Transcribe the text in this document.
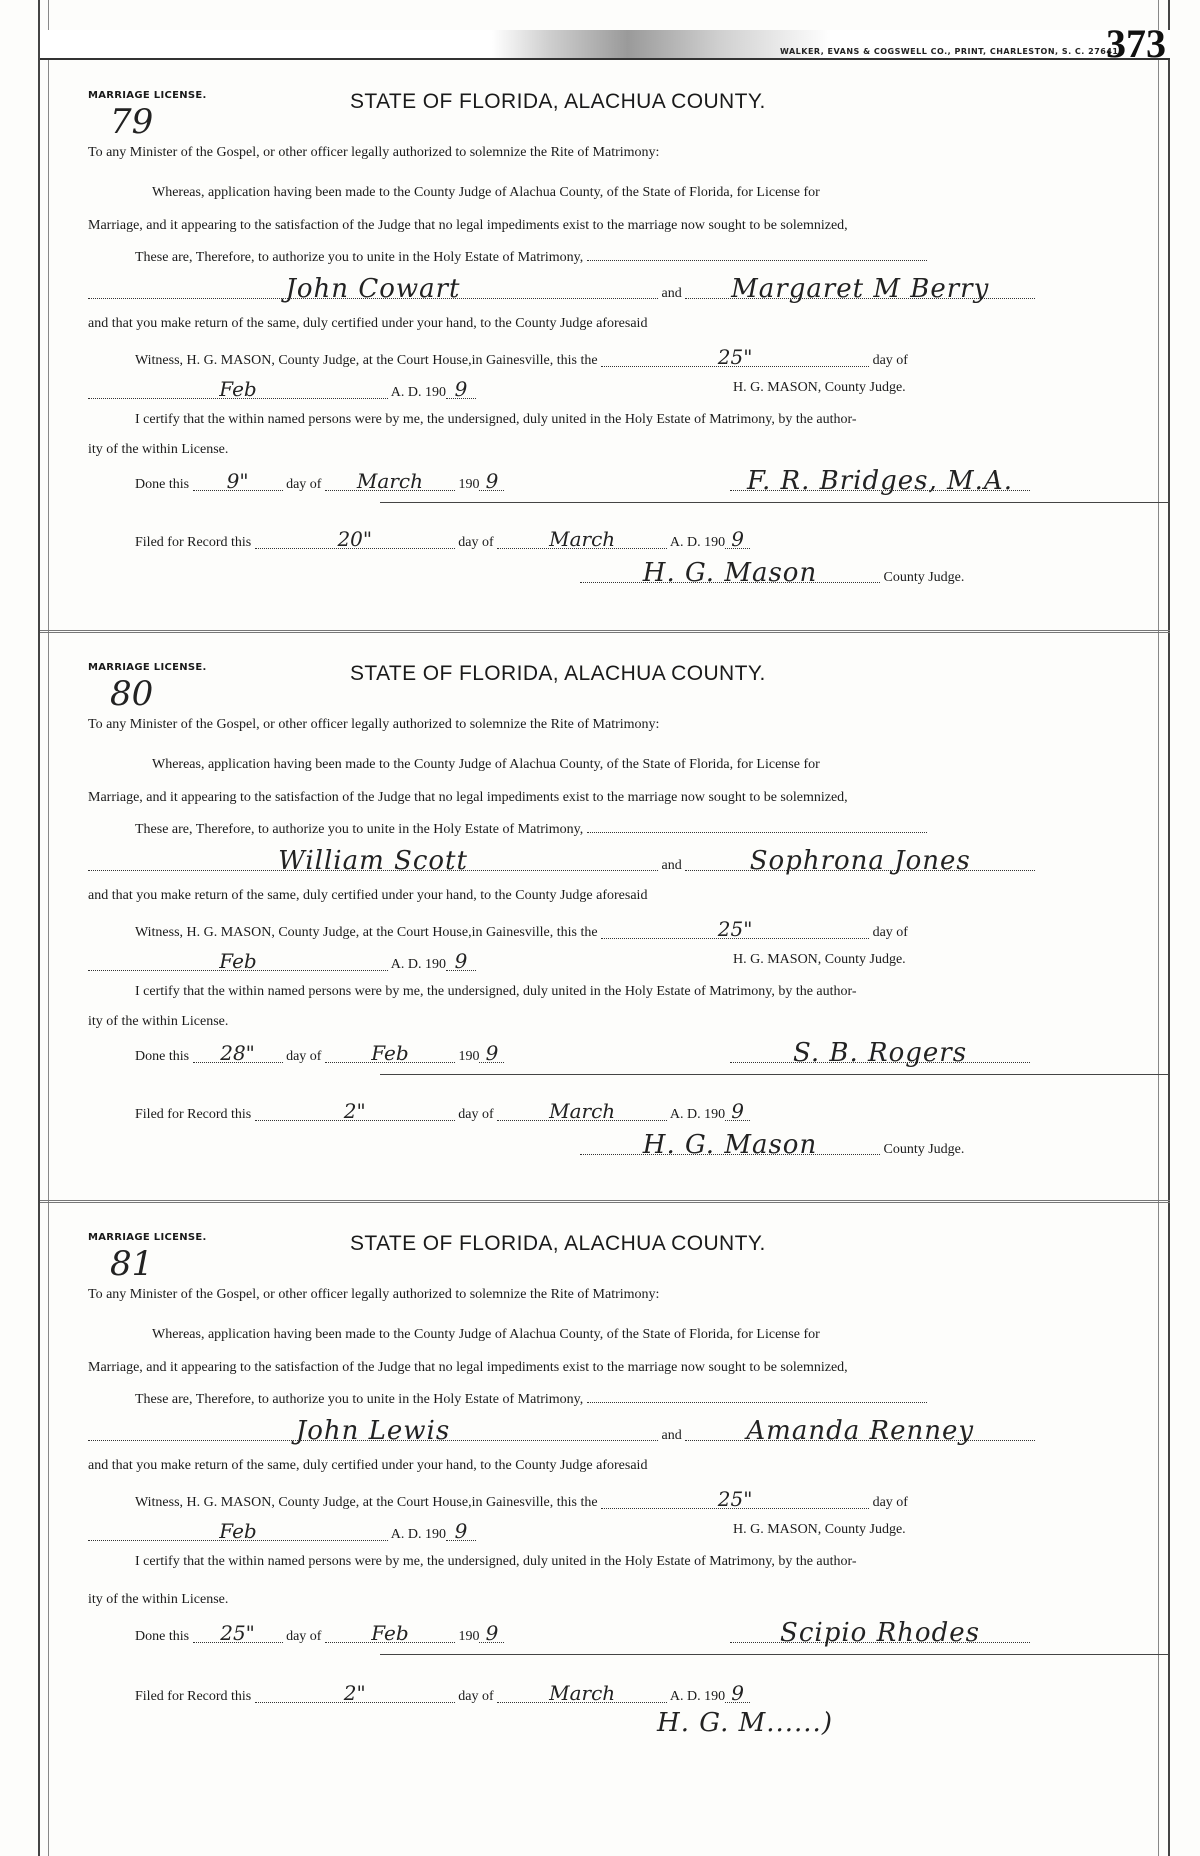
WALKER, EVANS & COGSWELL CO., PRINT, CHARLESTON, S. C. 276410
373
MARRIAGE LICENSE.
79
STATE OF FLORIDA, ALACHUA COUNTY.
To any Minister of the Gospel, or other officer legally authorized to solemnize the Rite of Matrimony:
Whereas, application having been made to the County Judge of Alachua County, of the State of Florida, for License for
Marriage, and it appearing to the satisfaction of the Judge that no legal impediments exist to the marriage now sought to be solemnized,
These are, Therefore, to authorize you to unite in the Holy Estate of Matrimony,
John Cowart	and Margaret M Berry
and that you make return of the same, duly certified under your hand, to the County Judge aforesaid
Witness, H. G. MASON, County Judge, at the Court House,in Gainesville, this the	25"	day of
Feb	A. D. 190 9	H. G. MASON, County Judge.
I certify that the within named persons were by me, the undersigned, duly united in the Holy Estate of Matrimony, by the author-
ity of the within License.
Done this 9"	day of March	190 9	F. R. Bridges, M.A.
Filed for Record this	20"	day of	March	A. D. 190 9
H. G. Mason	County Judge.
MARRIAGE LICENSE.
80
STATE OF FLORIDA, ALACHUA COUNTY.
To any Minister of the Gospel, or other officer legally authorized to solemnize the Rite of Matrimony:
Whereas, application having been made to the County Judge of Alachua County, of the State of Florida, for License for
Marriage, and it appearing to the satisfaction of the Judge that no legal impediments exist to the marriage now sought to be solemnized,
These are, Therefore, to authorize you to unite in the Holy Estate of Matrimony,
William Scott	and	Sophrona Jones
and that you make return of the same, duly certified under your hand, to the County Judge aforesaid
Witness, H. G. MASON, County Judge, at the Court House,in Gainesville, this the	25"	day of
Feb	A. D. 190 9	H. G. MASON, County Judge.
I certify that the within named persons were by me, the undersigned, duly united in the Holy Estate of Matrimony, by the author-
ity of the within License.
Done this 28" day of Feb	190 9	S. B. Rogers
Filed for Record this	2"	day of	March	A. D. 190 9
H. G. Mason	County Judge.
MARRIAGE LICENSE.
81
STATE OF FLORIDA, ALACHUA COUNTY.
To any Minister of the Gospel, or other officer legally authorized to solemnize the Rite of Matrimony:
Whereas, application having been made to the County Judge of Alachua County, of the State of Florida, for License for
Marriage, and it appearing to the satisfaction of the Judge that no legal impediments exist to the marriage now sought to be solemnized,
These are, Therefore, to authorize you to unite in the Holy Estate of Matrimony,
John Lewis	and Amanda Renney
and that you make return of the same, duly certified under your hand, to the County Judge aforesaid
Witness, H. G. MASON, County Judge, at the Court House,in Gainesville, this the	25"	day of
Feb	A. D. 190 9	H. G. MASON, County Judge.
I certify that the within named persons were by me, the undersigned, duly united in the Holy Estate of Matrimony, by the author-
ity of the within License.
Done this 25" day of Feb	190 9	Scipio Rhodes
Filed for Record this	2"	day of	March	A. D. 190 9
H. G. M......)
